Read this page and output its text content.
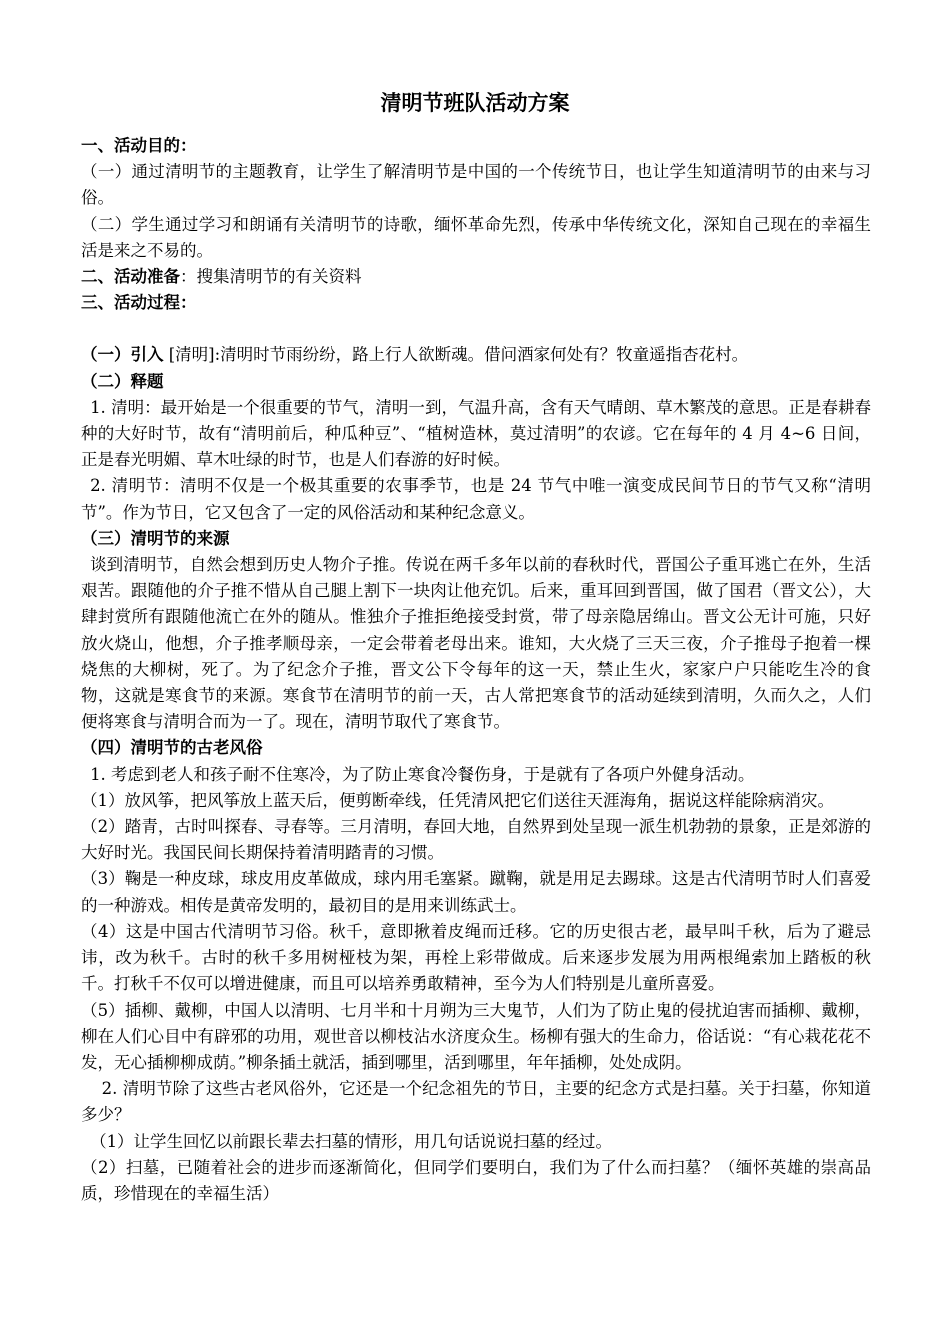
清明节班队活动方案

一、活动目的：

（一）通过清明节的主题教育，让学生了解清明节是中国的一个传统节日，也让学生知道清明节的由来与习俗。

（二）学生通过学习和朗诵有关清明节的诗歌，缅怀革命先烈，传承中华传统文化，深知自己现在的幸福生活是来之不易的。

二、活动准备：搜集清明节的有关资料

三、活动过程：

（一）引入 [清明]:清明时节雨纷纷，路上行人欲断魂。借问酒家何处有？牧童遥指杏花村。

（二）释题

1. 清明：最开始是一个很重要的节气，清明一到，气温升高，含有天气晴朗、草木繁茂的意思。正是春耕春种的大好时节，故有“清明前后，种瓜种豆”、“植树造林，莫过清明”的农谚。它在每年的 4 月 4~6 日间，正是春光明媚、草木吐绿的时节，也是人们春游的好时候。

2. 清明节：清明不仅是一个极其重要的农事季节，也是 24 节气中唯一演变成民间节日的节气又称“清明节”。作为节日，它又包含了一定的风俗活动和某种纪念意义。

（三）清明节的来源

谈到清明节，自然会想到历史人物介子推。传说在两千多年以前的春秋时代，晋国公子重耳逃亡在外，生活艰苦。跟随他的介子推不惜从自己腿上割下一块肉让他充饥。后来，重耳回到晋国，做了国君（晋文公），大肆封赏所有跟随他流亡在外的随从。惟独介子推拒绝接受封赏，带了母亲隐居绵山。晋文公无计可施，只好放火烧山，他想，介子推孝顺母亲，一定会带着老母出来。谁知，大火烧了三天三夜，介子推母子抱着一棵烧焦的大柳树，死了。为了纪念介子推，晋文公下令每年的这一天，禁止生火，家家户户只能吃生冷的食物，这就是寒食节的来源。寒食节在清明节的前一天，古人常把寒食节的活动延续到清明，久而久之，人们便将寒食与清明合而为一了。现在，清明节取代了寒食节。

（四）清明节的古老风俗

1. 考虑到老人和孩子耐不住寒冷，为了防止寒食冷餐伤身，于是就有了各项户外健身活动。

（1）放风筝，把风筝放上蓝天后，便剪断牵线，任凭清风把它们送往天涯海角，据说这样能除病消灾。

（2）踏青，古时叫探春、寻春等。三月清明，春回大地，自然界到处呈现一派生机勃勃的景象，正是郊游的大好时光。我国民间长期保持着清明踏青的习惯。

（3）鞠是一种皮球，球皮用皮革做成，球内用毛塞紧。蹴鞠，就是用足去踢球。这是古代清明节时人们喜爱的一种游戏。相传是黄帝发明的，最初目的是用来训练武士。

（4）这是中国古代清明节习俗。秋千，意即揪着皮绳而迁移。它的历史很古老，最早叫千秋，后为了避忌讳，改为秋千。古时的秋千多用树桠枝为架，再栓上彩带做成。后来逐步发展为用两根绳索加上踏板的秋千。打秋千不仅可以增进健康，而且可以培养勇敢精神，至今为人们特别是儿童所喜爱。

（5）插柳、戴柳，中国人以清明、七月半和十月朔为三大鬼节，人们为了防止鬼的侵扰迫害而插柳、戴柳，柳在人们心目中有辟邪的功用，观世音以柳枝沾水济度众生。杨柳有强大的生命力，俗话说：“有心栽花花不发，无心插柳柳成荫。”柳条插土就活，插到哪里，活到哪里，年年插柳，处处成阴。

2. 清明节除了这些古老风俗外，它还是一个纪念祖先的节日，主要的纪念方式是扫墓。关于扫墓，你知道多少？

（1）让学生回忆以前跟长辈去扫墓的情形，用几句话说说扫墓的经过。

（2）扫墓，已随着社会的进步而逐渐简化，但同学们要明白，我们为了什么而扫墓？（缅怀英雄的崇高品质，珍惜现在的幸福生活）
